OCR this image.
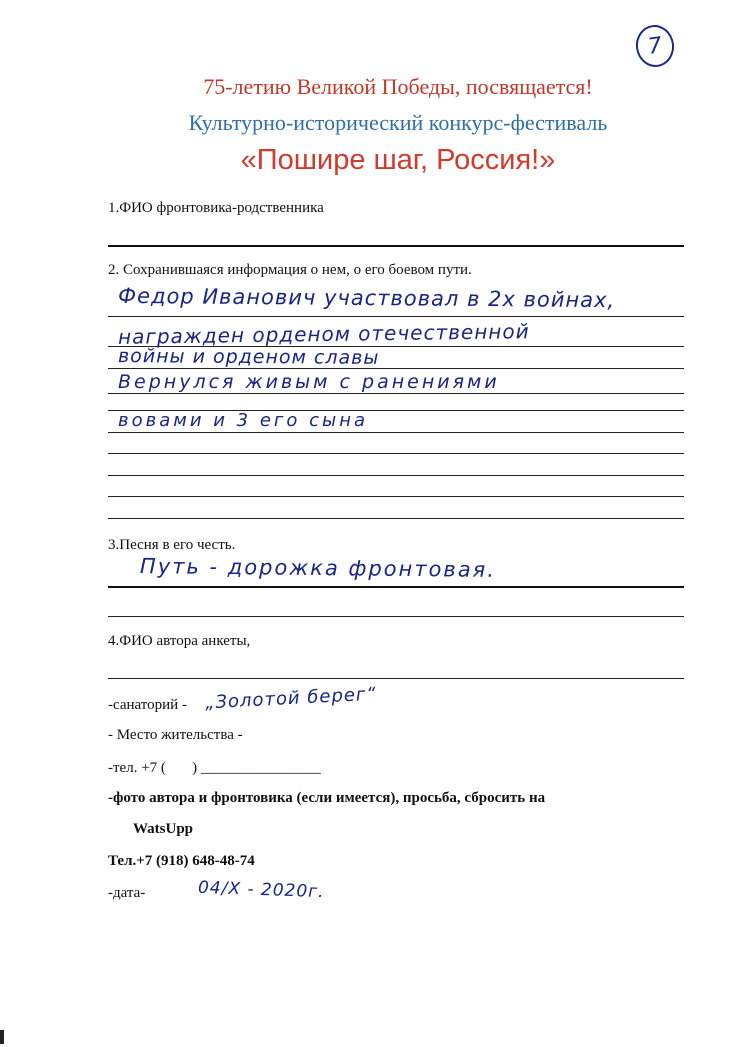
7
75-летию Великой Победы, посвящается!
Культурно-исторический конкурс-фестиваль
«Пошире шаг, Россия!»
1.ФИО фронтовика-родственника
2. Сохранившаяся информация о нем, о его боевом пути.
Федор Иванович участвовал в 2х войнах,
награжден орденом отечественной
войны и орденом славы
Вернулся живым с ранениями
вовами и 3 его сына
3.Песня в его честь.
Путь - дорожка фронтовая.
4.ФИО автора анкеты,
-санаторий - „Золотой берег“
- Место жительства -
-тел. +7 (       ) ________________
-фото автора и фронтовика (если имеется), просьба, сбросить на
WatsUpp
Тел.+7 (918) 648-48-74
-дата-	04/X - 2020г.
